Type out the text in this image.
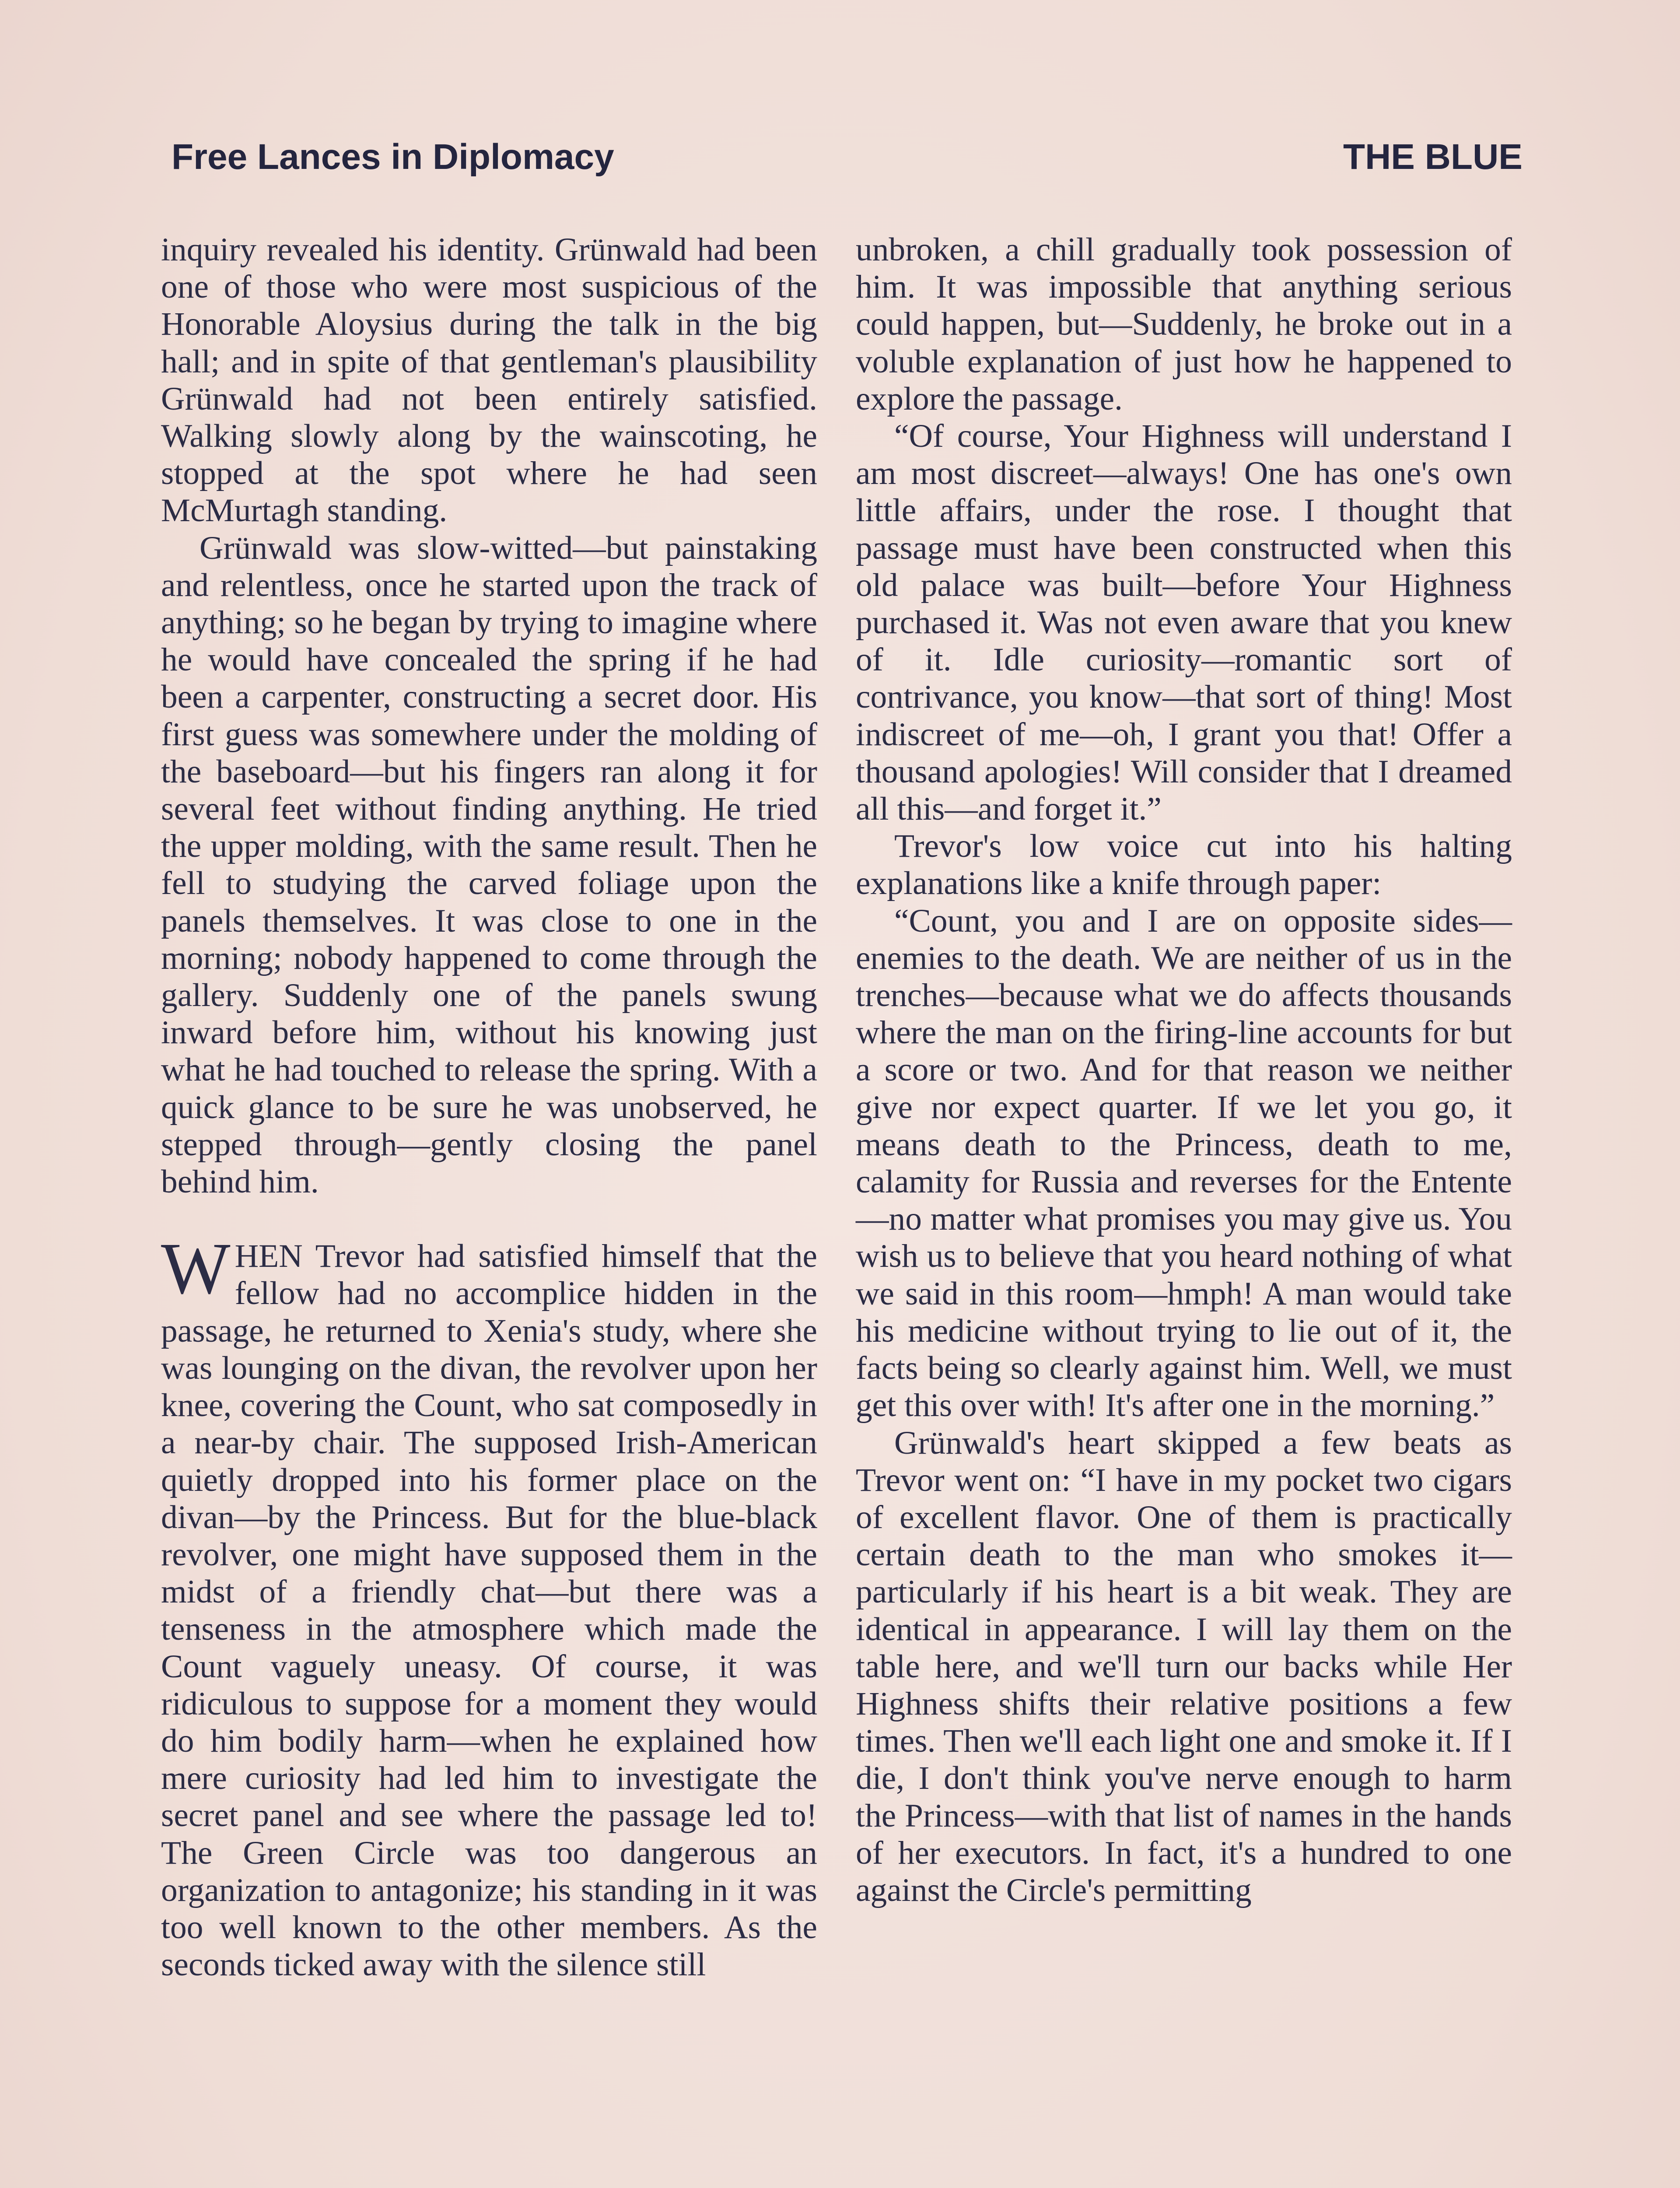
Free Lances in Diplomacy	THE BLUE

inquiry revealed his identity. Grünwald had been one of those who were most suspicious of the Honorable Aloysius during the talk in the big hall; and in spite of that gentleman's plausibility Grünwald had not been entirely satisfied. Walking slowly along by the wainscoting, he stopped at the spot where he had seen McMurtagh standing.

Grünwald was slow-witted—but painstaking and relentless, once he started upon the track of anything; so he began by trying to imagine where he would have concealed the spring if he had been a carpenter, constructing a secret door. His first guess was somewhere under the molding of the baseboard—but his fingers ran along it for several feet without finding anything. He tried the upper molding, with the same result. Then he fell to studying the carved foliage upon the panels themselves. It was close to one in the morning; nobody happened to come through the gallery. Suddenly one of the panels swung inward before him, without his knowing just what he had touched to release the spring. With a quick glance to be sure he was unobserved, he stepped through—gently closing the panel behind him.

WHEN Trevor had satisfied himself that the fellow had no accomplice hidden in the passage, he returned to Xenia's study, where she was lounging on the divan, the revolver upon her knee, covering the Count, who sat composedly in a near-by chair. The supposed Irish-American quietly dropped into his former place on the divan—by the Princess. But for the blue-black revolver, one might have supposed them in the midst of a friendly chat—but there was a tenseness in the atmosphere which made the Count vaguely uneasy. Of course, it was ridiculous to suppose for a moment they would do him bodily harm—when he explained how mere curiosity had led him to investigate the secret panel and see where the passage led to! The Green Circle was too dangerous an organization to antagonize; his standing in it was too well known to the other members. As the seconds ticked away with the silence still

unbroken, a chill gradually took possession of him. It was impossible that anything serious could happen, but—Suddenly, he broke out in a voluble explanation of just how he happened to explore the passage.

“Of course, Your Highness will understand I am most discreet—always! One has one's own little affairs, under the rose. I thought that passage must have been constructed when this old palace was built—before Your Highness purchased it. Was not even aware that you knew of it. Idle curiosity—romantic sort of contrivance, you know—that sort of thing! Most indiscreet of me—oh, I grant you that! Offer a thousand apologies! Will consider that I dreamed all this—and forget it.”

Trevor's low voice cut into his halting explanations like a knife through paper:

“Count, you and I are on opposite sides—enemies to the death. We are neither of us in the trenches—because what we do affects thousands where the man on the firing-line accounts for but a score or two. And for that reason we neither give nor expect quarter. If we let you go, it means death to the Princess, death to me, calamity for Russia and reverses for the Entente—no matter what promises you may give us. You wish us to believe that you heard nothing of what we said in this room—hmph! A man would take his medicine without trying to lie out of it, the facts being so clearly against him. Well, we must get this over with! It's after one in the morning.”

Grünwald's heart skipped a few beats as Trevor went on: “I have in my pocket two cigars of excellent flavor. One of them is practically certain death to the man who smokes it—particularly if his heart is a bit weak. They are identical in appearance. I will lay them on the table here, and we'll turn our backs while Her Highness shifts their relative positions a few times. Then we'll each light one and smoke it. If I die, I don't think you've nerve enough to harm the Princess—with that list of names in the hands of her executors. In fact, it's a hundred to one against the Circle's permitting
